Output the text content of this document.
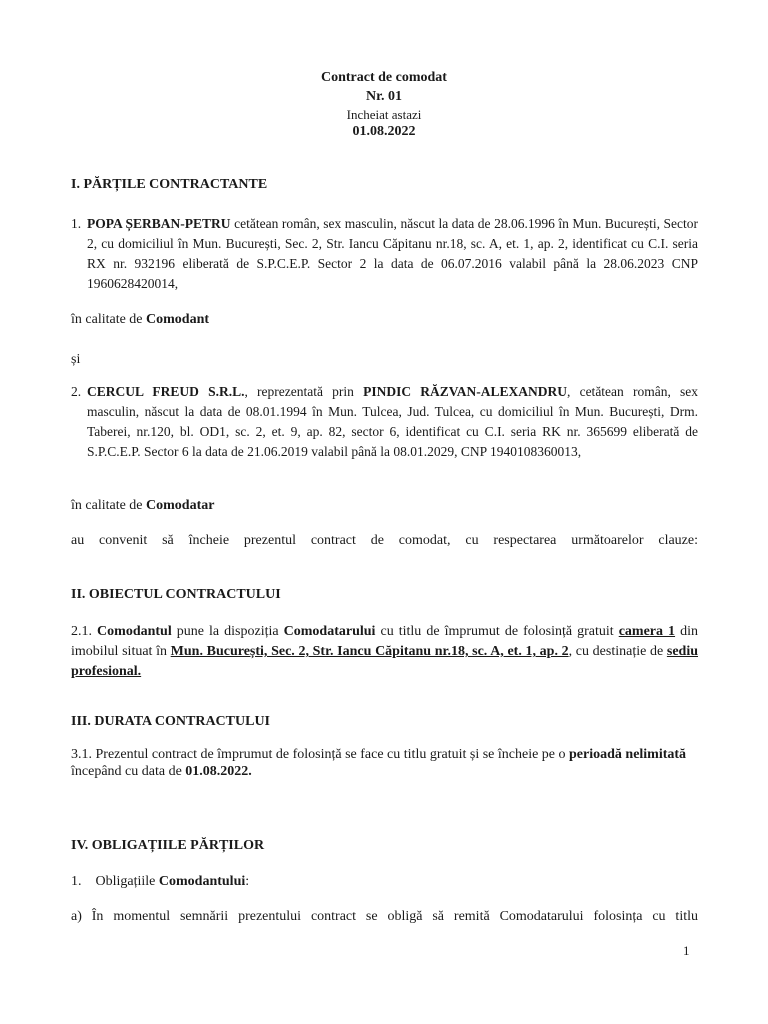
Contract de comodat
Nr. 01
Incheiat astazi
01.08.2022
I. PĂRȚILE CONTRACTANTE
1. POPA ȘERBAN-PETRU cetătean român, sex masculin, născut la data de 28.06.1996 în Mun. București, Sector 2, cu domiciliul în Mun. București, Sec. 2, Str. Iancu Căpitanu nr.18, sc. A, et. 1, ap. 2, identificat cu C.I. seria RX nr. 932196 eliberată de S.P.C.E.P. Sector 2 la data de 06.07.2016 valabil până la 28.06.2023 CNP 1960628420014,
în calitate de Comodant
și
2. CERCUL FREUD S.R.L., reprezentată prin PINDIC RĂZVAN-ALEXANDRU, cetătean român, sex masculin, născut la data de 08.01.1994 în Mun. Tulcea, Jud. Tulcea, cu domiciliul în Mun. București, Drm. Taberei, nr.120, bl. OD1, sc. 2, et. 9, ap. 82, sector 6, identificat cu C.I. seria RK nr. 365699 eliberată de S.P.C.E.P. Sector 6 la data de 21.06.2019 valabil până la 08.01.2029, CNP 1940108360013,
în calitate de Comodatar
au convenit să încheie prezentul contract de comodat, cu respectarea următoarelor clauze:
II. OBIECTUL CONTRACTULUI
2.1. Comodantul pune la dispoziția Comodatarului cu titlu de împrumut de folosință gratuit camera 1 din imobilul situat în Mun. București, Sec. 2, Str. Iancu Căpitanu nr.18, sc. A, et. 1, ap. 2, cu destinație de sediu profesional.
III. DURATA CONTRACTULUI
3.1. Prezentul contract de împrumut de folosință se face cu titlu gratuit și se încheie pe o perioadă nelimitată
începând cu data de 01.08.2022.
IV. OBLIGAȚIILE PĂRȚILOR
1. Obligațiile Comodantului:
a) În momentul semnării prezentului contract se obligă să remită Comodatarului folosința cu titlu
1
